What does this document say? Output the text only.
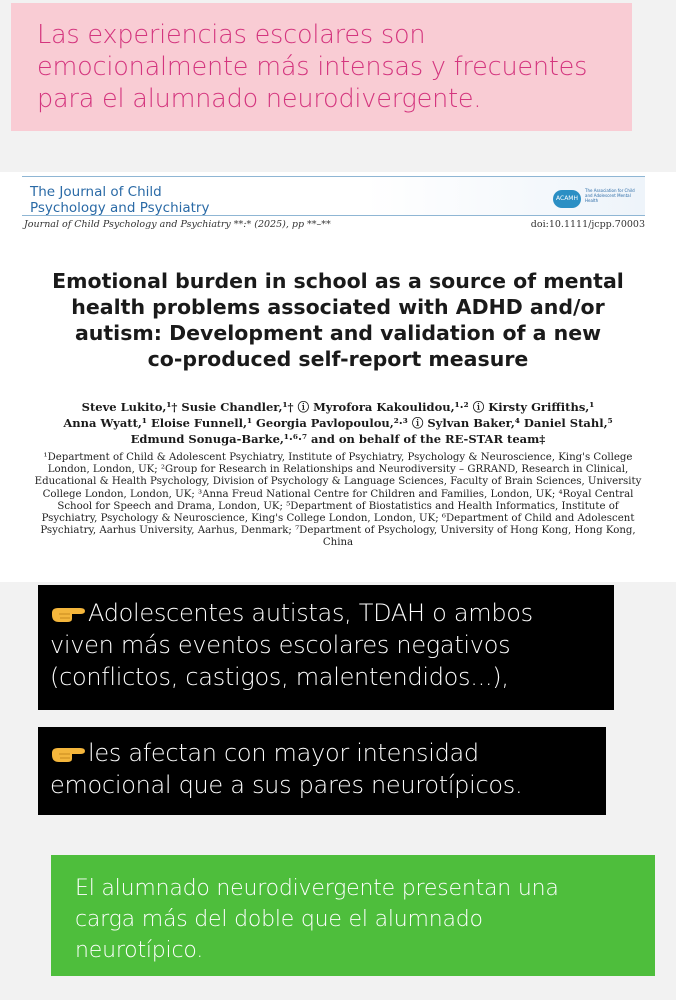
Las experiencias escolares son
emocionalmente más intensas y frecuentes
para el alumnado neurodivergente.
The Journal of Child
Psychology and Psychiatry
ACAMH
The Association for Child and Adolescent Mental Health
Journal of Child Psychology and Psychiatry **:* (2025), pp **–**	doi:10.1111/jcpp.70003
Emotional burden in school as a source of mental
health problems associated with ADHD and/or
autism: Development and validation of a new
co-produced self-report measure
Steve Lukito,¹† Susie Chandler,¹† ⓘ Myrofora Kakoulidou,¹·² ⓘ Kirsty Griffiths,¹
Anna Wyatt,¹ Eloise Funnell,¹ Georgia Pavlopoulou,²·³ ⓘ Sylvan Baker,⁴ Daniel Stahl,⁵
Edmund Sonuga-Barke,¹·⁶·⁷ and on behalf of the RE-STAR team‡
¹Department of Child & Adolescent Psychiatry, Institute of Psychiatry, Psychology & Neuroscience, King's College
London, London, UK; ²Group for Research in Relationships and Neurodiversity – GRRAND, Research in Clinical,
Educational & Health Psychology, Division of Psychology & Language Sciences, Faculty of Brain Sciences, University
College London, London, UK; ³Anna Freud National Centre for Children and Families, London, UK; ⁴Royal Central
School for Speech and Drama, London, UK; ⁵Department of Biostatistics and Health Informatics, Institute of
Psychiatry, Psychology & Neuroscience, King's College London, London, UK; ⁶Department of Child and Adolescent
Psychiatry, Aarhus University, Aarhus, Denmark; ⁷Department of Psychology, University of Hong Kong, Hong Kong,
China
Adolescentes autistas, TDAH o ambos
viven más eventos escolares negativos
(conflictos, castigos, malentendidos...),
les afectan con mayor intensidad
emocional que a sus pares neurotípicos.
El alumnado neurodivergente presentan una
carga más del doble que el alumnado
neurotípico.
